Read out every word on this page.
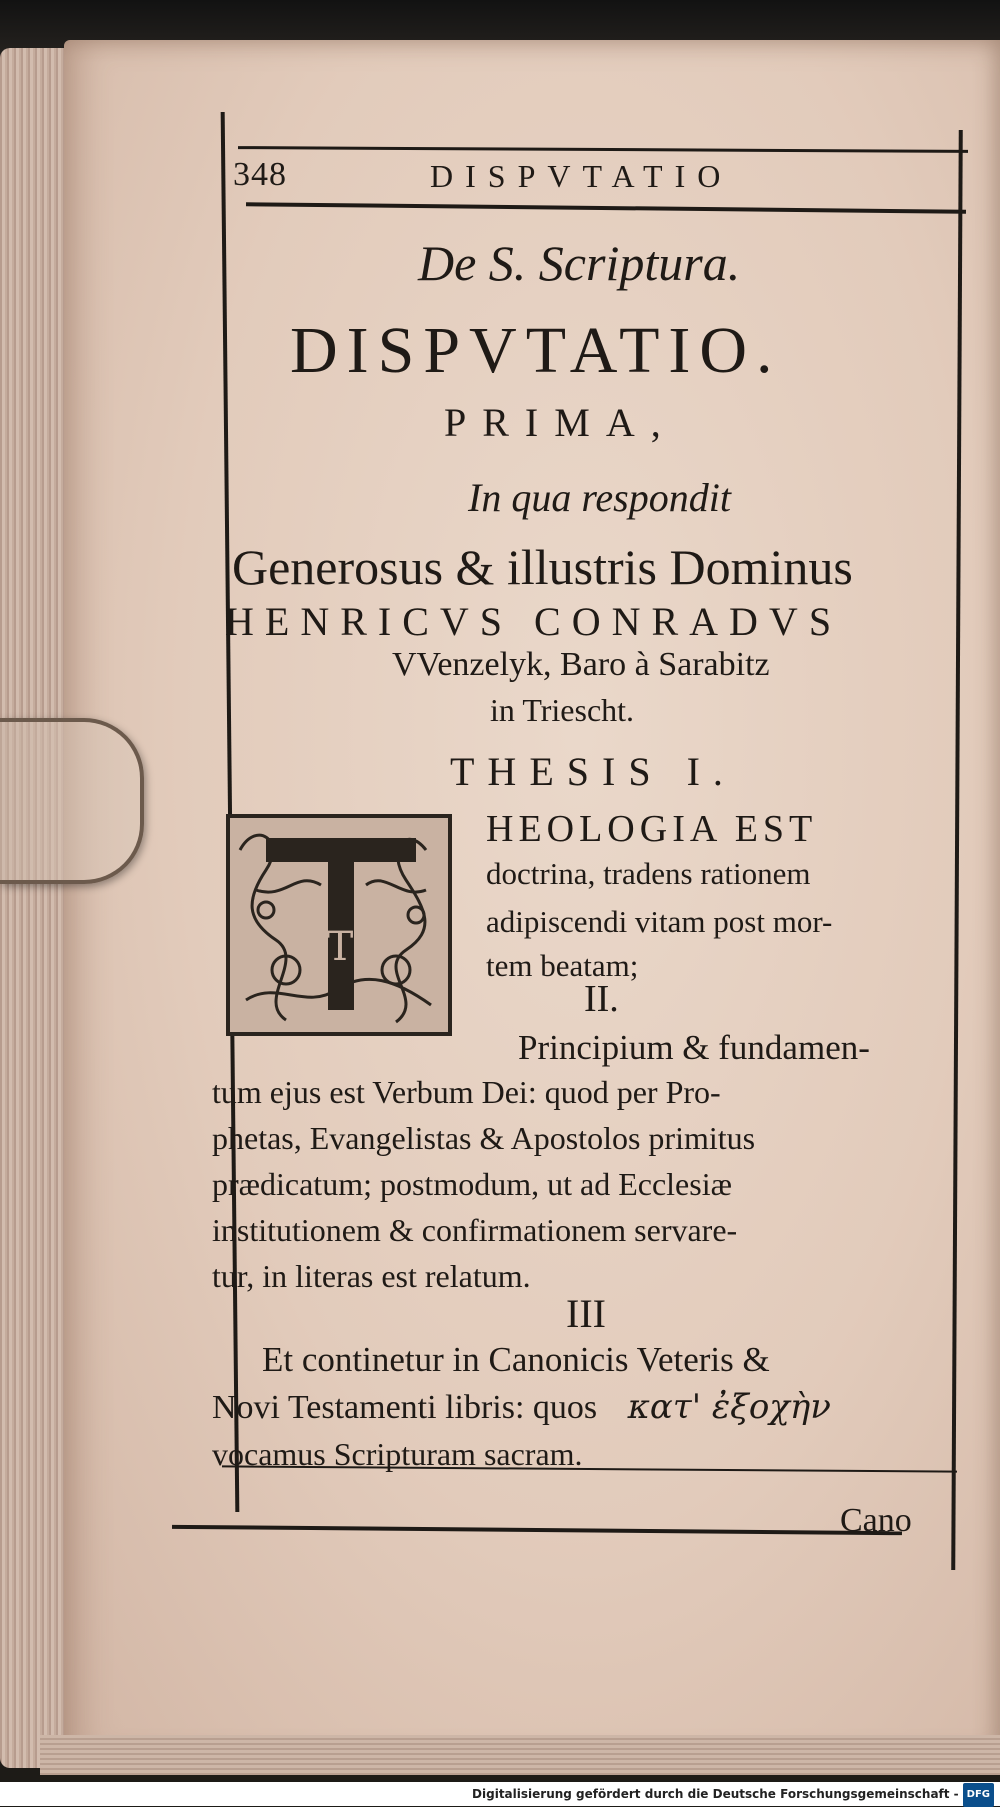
348	DISPVTATIO
De S. Scriptura.
DISPVTATIO.
PRIMA,
In qua respondit
Generosus & illustris Dominus
HENRICVS CONRADVS
VVenzelyk, Baro à Sarabitz
in Triescht.
THESIS I.
T
HEOLOGIA EST
doctrina, tradens rationem
adipiscendi vitam post mor-
tem beatam;
II.
Principium & fundamen-
tum ejus est Verbum Dei: quod per Pro-
phetas, Evangelistas & Apostolos primitus
prædicatum; postmodum, ut ad Ecclesiæ
institutionem & confirmationem servare-
tur, in literas est relatum.
III
Et continetur in Canonicis Veteris &
Novi Testamenti libris: quos κατ' ἐξοχὴν
vocamus Scripturam sacram.
Cano
Digitalisierung gefördert durch die Deutsche Forschungsgemeinschaft - DFG
